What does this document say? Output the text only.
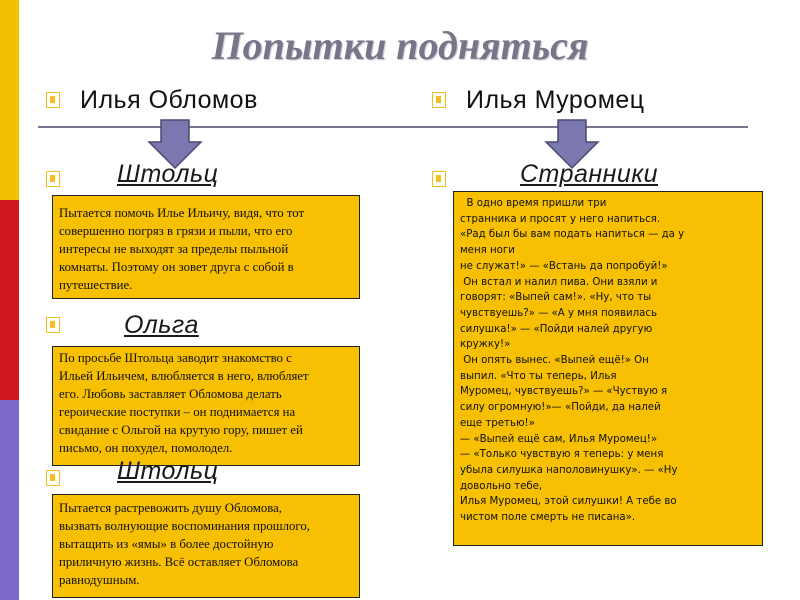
Попытки подняться
Илья Обломов	Илья Муромец
Штольц
Пытается помочь Илье Ильичу, видя, что тот
совершенно погряз в грязи и пыли, что его
интересы не выходят за пределы пыльной
комнаты. Поэтому он зовет друга с собой в
путешествие.
Ольга
По просьбе Штольца заводит знакомство с
Ильей Ильичем, влюбляется в него, влюбляет
его. Любовь заставляет Обломова делать
героические поступки – он поднимается на
свидание с Ольгой на крутую гору, пишет ей
письмо, он похудел, помолодел.
Штольц
Пытается растревожить душу Обломова,
вызвать волнующие воспоминания прошлого,
вытащить из «ямы» в более достойную
приличную жизнь. Всё оставляет Обломова
равнодушным.
Странники
В одно время пришли три
странника и просят у него напиться.
«Рад был бы вам подать напиться — да у
меня ноги
не служат!» — «Встань да попробуй!»
Он встал и налил пива. Они взяли и
говорят: «Выпей сам!». «Ну, что ты
чувствуешь?» — «А у мня появилась
силушка!» — «Пойди налей другую
кружку!»
Он опять вынес. «Выпей ещё!» Он
выпил. «Что ты теперь, Илья
Муромец, чувствуешь?» — «Чуствую я
силу огромную!»— «Пойди, да налей
еще третью!»
— «Выпей ещё сам, Илья Муромец!»
— «Только чувствую я теперь: у меня
убыла силушка наполовинушку». — «Ну
довольно тебе,
Илья Муромец, этой силушки! А тебе во
чистом поле смерть не писана».
